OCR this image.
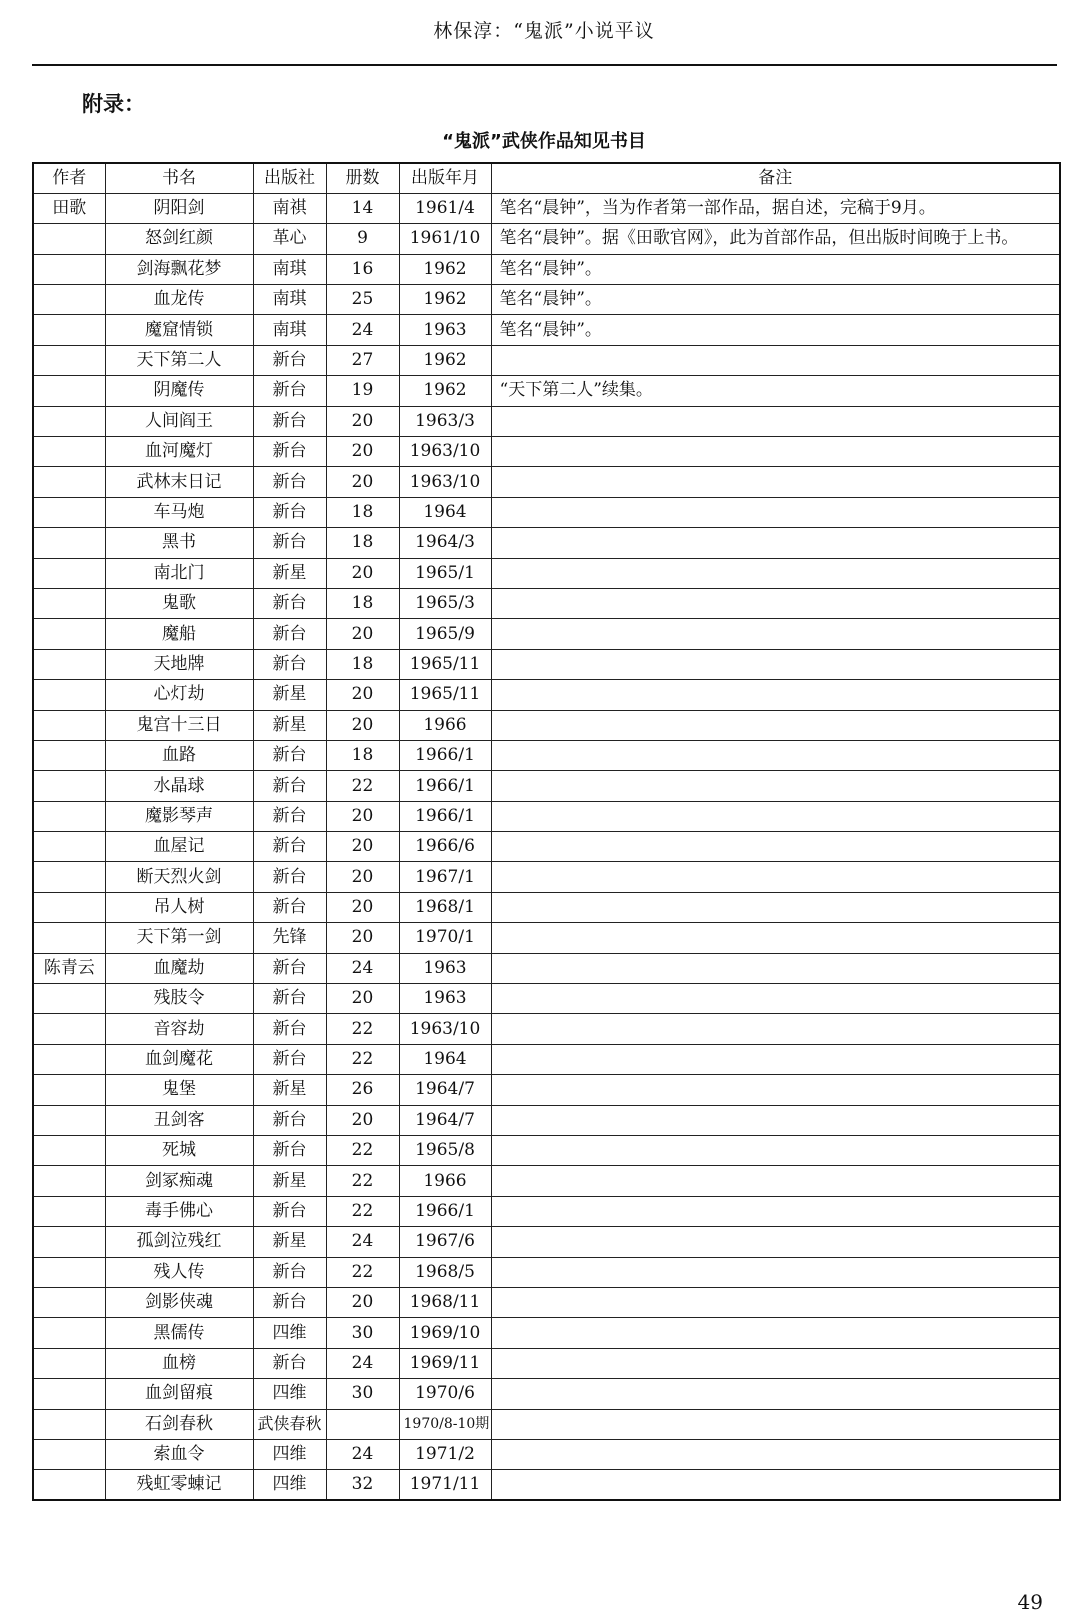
林保淳：“鬼派”小说平议
附录：
“鬼派”武侠作品知见书目
作者	书名	出版社	册数	出版年月	备注
田歌	阴阳剑	南祺	14	1961/4	笔名“晨钟”，当为作者第一部作品，据自述，完稿于9月。
	怒剑红颜	革心	9	1961/10	笔名“晨钟”。据《田歌官网》，此为首部作品，但出版时间晚于上书。
	剑海飘花梦	南琪	16	1962	笔名“晨钟”。
	血龙传	南琪	25	1962	笔名“晨钟”。
	魔窟情锁	南琪	24	1963	笔名“晨钟”。
	天下第二人	新台	27	1962	
	阴魔传	新台	19	1962	“天下第二人”续集。
	人间阎王	新台	20	1963/3	
	血河魔灯	新台	20	1963/10	
	武林末日记	新台	20	1963/10	
	车马炮	新台	18	1964	
	黑书	新台	18	1964/3	
	南北门	新星	20	1965/1	
	鬼歌	新台	18	1965/3	
	魔船	新台	20	1965/9	
	天地牌	新台	18	1965/11	
	心灯劫	新星	20	1965/11	
	鬼宫十三日	新星	20	1966	
	血路	新台	18	1966/1	
	水晶球	新台	22	1966/1	
	魔影琴声	新台	20	1966/1	
	血屋记	新台	20	1966/6	
	断天烈火剑	新台	20	1967/1	
	吊人树	新台	20	1968/1	
	天下第一剑	先锋	20	1970/1	
陈青云	血魔劫	新台	24	1963	
	残肢令	新台	20	1963	
	音容劫	新台	22	1963/10	
	血剑魔花	新台	22	1964	
	鬼堡	新星	26	1964/7	
	丑剑客	新台	20	1964/7	
	死城	新台	22	1965/8	
	剑冢痴魂	新星	22	1966	
	毒手佛心	新台	22	1966/1	
	孤剑泣残红	新星	24	1967/6	
	残人传	新台	22	1968/5	
	剑影侠魂	新台	20	1968/11	
	黑儒传	四维	30	1969/10	
	血榜	新台	24	1969/11	
	血剑留痕	四维	30	1970/6	
	石剑春秋	武侠春秋		1970/8-10期	
	索血令	四维	24	1971/2	
	残虹零蝀记	四维	32	1971/11	
49
